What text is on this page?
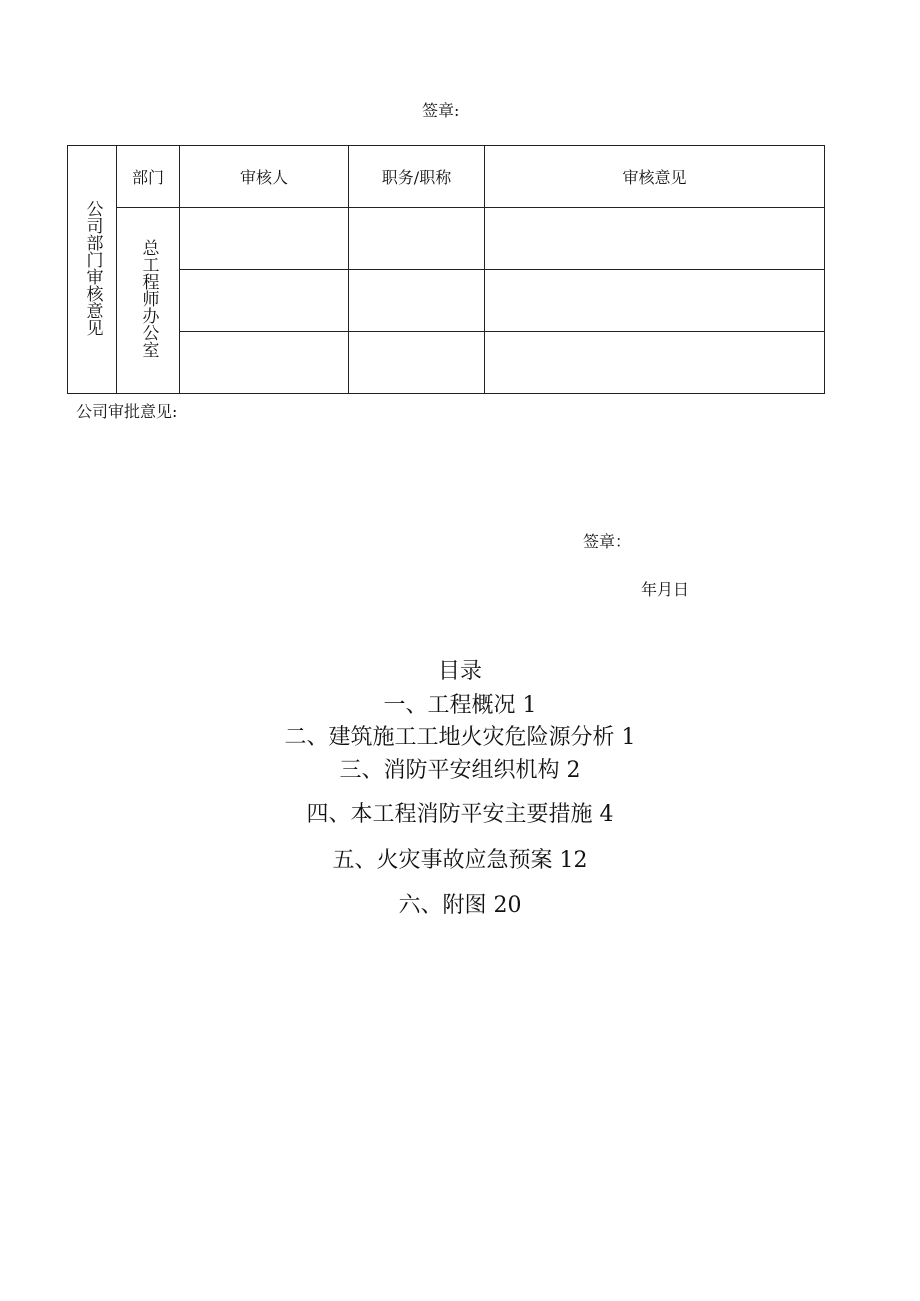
签章:
公司部门审核意见	部门	审核人	职务/职称	审核意见
	总工程师办公室			

公司审批意见:
签章：
年月日
目录
一、工程概况 1
二、建筑施工工地火灾危险源分析 1
三、消防平安组织机构 2
四、本工程消防平安主要措施 4
五、火灾事故应急预案 12
六、附图 20
